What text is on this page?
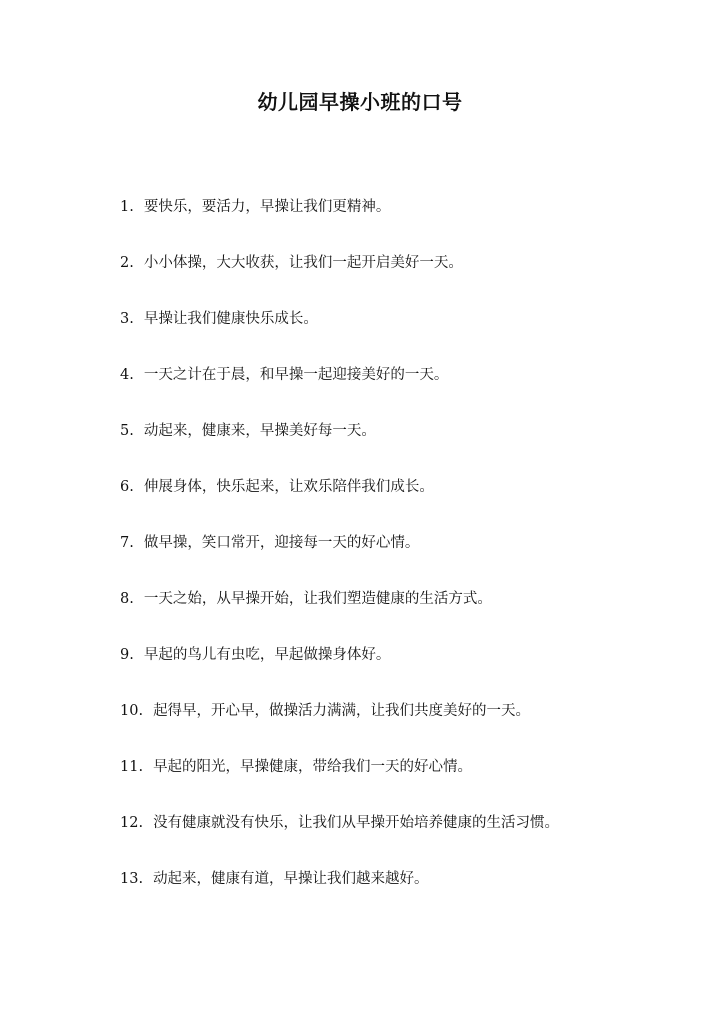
幼儿园早操小班的口号
1. 要快乐，要活力，早操让我们更精神。
2. 小小体操，大大收获，让我们一起开启美好一天。
3. 早操让我们健康快乐成长。
4. 一天之计在于晨，和早操一起迎接美好的一天。
5. 动起来，健康来，早操美好每一天。
6. 伸展身体，快乐起来，让欢乐陪伴我们成长。
7. 做早操，笑口常开，迎接每一天的好心情。
8. 一天之始，从早操开始，让我们塑造健康的生活方式。
9. 早起的鸟儿有虫吃，早起做操身体好。
10. 起得早，开心早，做操活力满满，让我们共度美好的一天。
11. 早起的阳光，早操健康，带给我们一天的好心情。
12. 没有健康就没有快乐，让我们从早操开始培养健康的生活习惯。
13. 动起来，健康有道，早操让我们越来越好。
